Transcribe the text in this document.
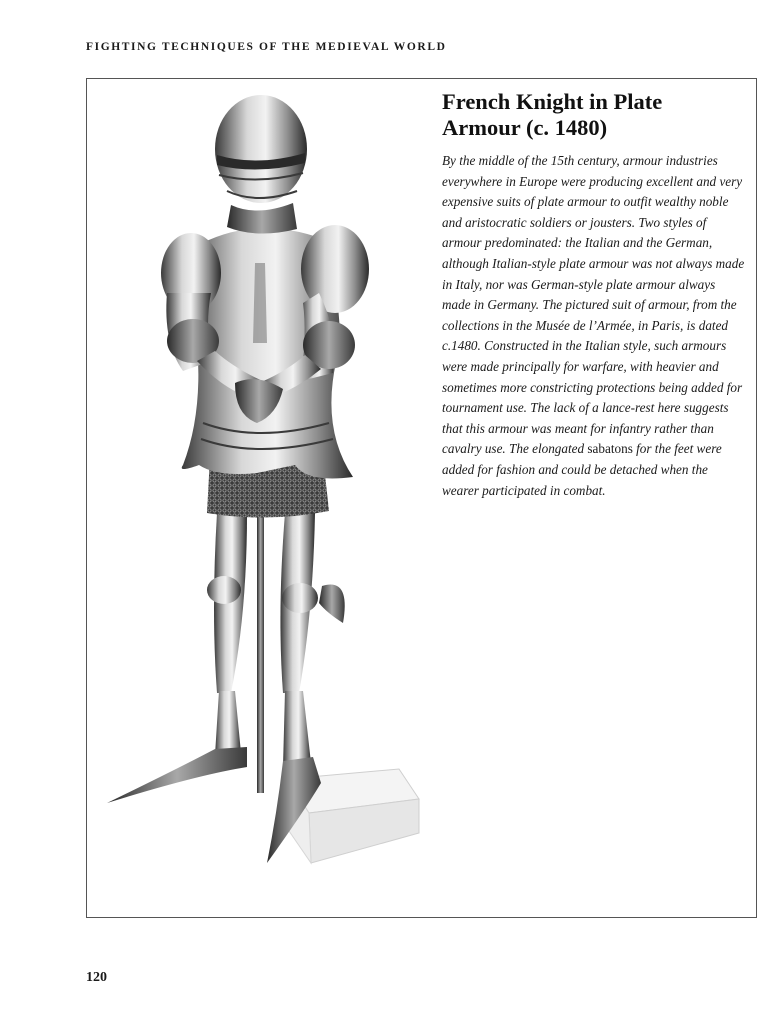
FIGHTING TECHNIQUES OF THE MEDIEVAL WORLD
French Knight in Plate Armour (c. 1480)
By the middle of the 15th century, armour industries everywhere in Europe were producing excellent and very expensive suits of plate armour to outfit wealthy noble and aristocratic soldiers or jousters. Two styles of armour predominated: the Italian and the German, although Italian-style plate armour was not always made in Italy, nor was German-style plate armour always made in Germany. The pictured suit of armour, from the collections in the Musée de l’Armée, in Paris, is dated c.1480. Constructed in the Italian style, such armours were made principally for warfare, with heavier and sometimes more constricting protections being added for tournament use. The lack of a lance-rest here suggests that this armour was meant for infantry rather than cavalry use. The elongated sabatons for the feet were added for fashion and could be detached when the wearer participated in combat.
120
